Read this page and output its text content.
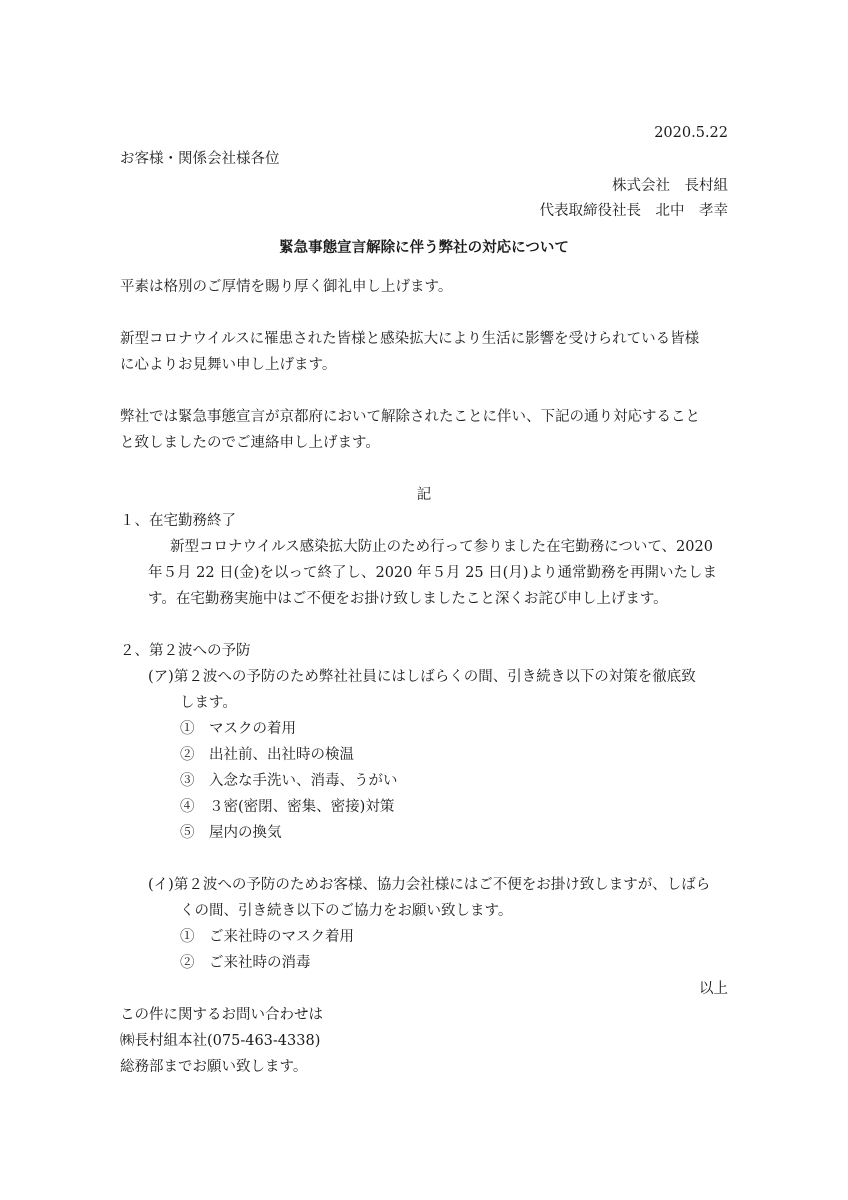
2020.5.22
お客様・関係会社様各位
株式会社　長村組
代表取締役社長　北中　孝幸
緊急事態宣言解除に伴う弊社の対応について
平素は格別のご厚情を賜り厚く御礼申し上げます。
新型コロナウイルスに罹患された皆様と感染拡大により生活に影響を受けられている皆様
に心よりお見舞い申し上げます。
弊社では緊急事態宣言が京都府において解除されたことに伴い、下記の通り対応すること
と致しましたのでご連絡申し上げます。
記
１、在宅勤務終了
新型コロナウイルス感染拡大防止のため行って参りました在宅勤務について、2020
年５月 22 日(金)を以って終了し、2020 年５月 25 日(月)より通常勤務を再開いたしま
す。在宅勤務実施中はご不便をお掛け致しましたこと深くお詫び申し上げます。
２、第２波への予防
(ア)第２波への予防のため弊社社員にはしばらくの間、引き続き以下の対策を徹底致
します。
①　マスクの着用
②　出社前、出社時の検温
③　入念な手洗い、消毒、うがい
④　３密(密閉、密集、密接)対策
⑤　屋内の換気
(イ)第２波への予防のためお客様、協力会社様にはご不便をお掛け致しますが、しばら
くの間、引き続き以下のご協力をお願い致します。
①　ご来社時のマスク着用
②　ご来社時の消毒
以上
この件に関するお問い合わせは
㈱長村組本社(075-463-4338)
総務部までお願い致します。
